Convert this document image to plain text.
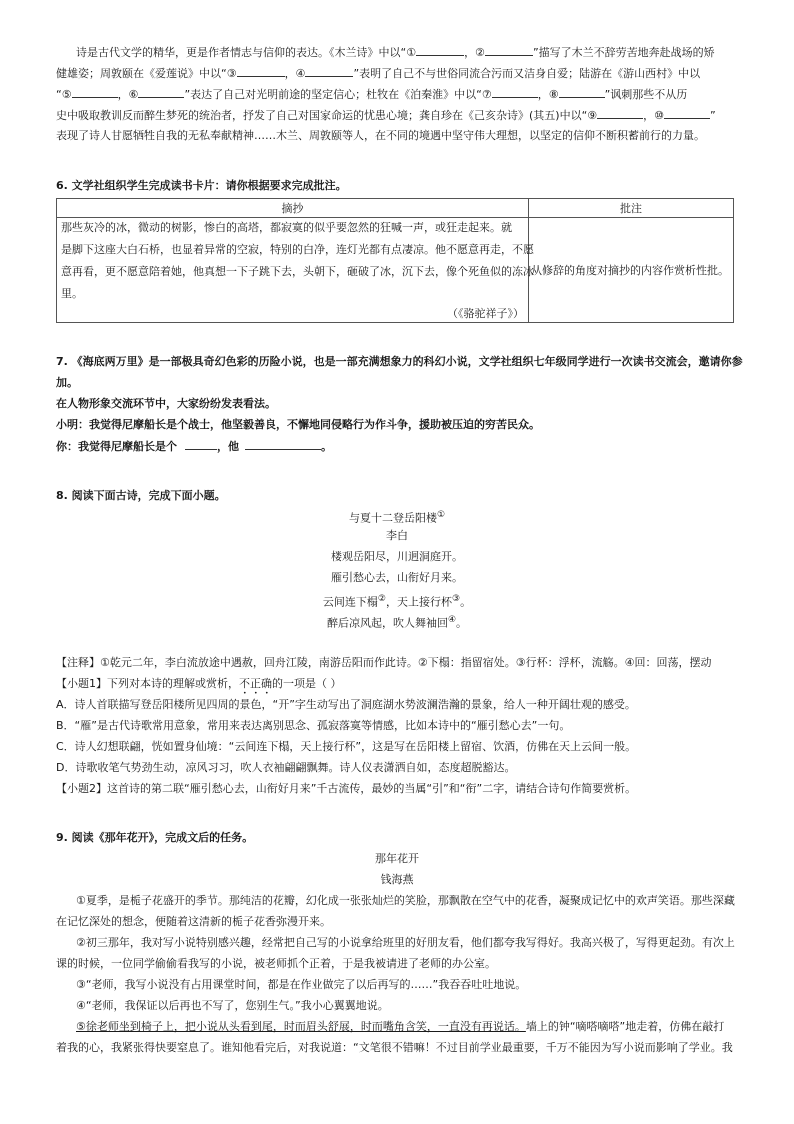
诗是古代文学的精华，更是作者情志与信仰的表达。《木兰诗》中以“①	，②	”描写了木兰不辞劳苦地奔赴战场的矫
健雄姿；周敦颐在《爱莲说》中以“③	，④	”表明了自己不与世俗同流合污而又洁身自爱；陆游在《游山西村》中以
“⑤	，⑥	”表达了自己对光明前途的坚定信心；杜牧在《泊秦淮》中以“⑦	，⑧	”讽刺那些不从历
史中吸取教训反而醉生梦死的统治者，抒发了自己对国家命运的忧患心境；龚自珍在《己亥杂诗》(其五)中以“⑨	，⑩	”
表现了诗人甘愿牺牲自我的无私奉献精神……木兰、周敦颐等人，在不同的境遇中坚守伟大理想，以坚定的信仰不断积蓄前行的力量。
6. 文学社组织学生完成读书卡片：请你根据要求完成批注。
摘抄	批注

那些灰冷的冰，微动的树影，惨白的高塔，都寂寞的似乎要忽然的狂喊一声，或狂走起来。就
是脚下这座大白石桥，也显着异常的空寂，特别的白净，连灯光都有点凄凉。他不愿意再走，不愿
意再看，更不愿意陪着她，他真想一下子跳下去，头朝下，砸破了冰，沉下去，像个死鱼似的冻冰
里。
（《骆驼祥子》）	从修辞的角度对摘抄的内容作赏析性批。
7. 《海底两万里》是一部极具奇幻色彩的历险小说，也是一部充满想象力的科幻小说，文学社组织七年级同学进行一次读书交流会，邀请你参
加。
在人物形象交流环节中，大家纷纷发表看法。
小明：我觉得尼摩船长是个战士，他坚毅善良，不懈地同侵略行为作斗争，援助被压迫的穷苦民众。
你：我觉得尼摩船长是个	，他	。
8. 阅读下面古诗，完成下面小题。
与夏十二登岳阳楼①
李白
楼观岳阳尽，川迥洞庭开。
雁引愁心去，山衔好月来。
云间连下榻②，天上接行杯③。
醉后凉风起，吹人舞袖回④。
【注释】①乾元二年，李白流放途中遇赦，回舟江陵，南游岳阳而作此诗。②下榻：指留宿处。③行杯：浮杯，流觞。④回：回荡，摆动
【小题1】下列对本诗的理解或赏析，不正确的一项是（ ）
A．诗人首联描写登岳阳楼所见四周的景色，“开”字生动写出了洞庭湖水势波澜浩瀚的景象，给人一种开阔壮观的感受。
B．“雁”是古代诗歌常用意象，常用来表达离别思念、孤寂落寞等情感，比如本诗中的“雁引愁心去”一句。
C．诗人幻想联翩，恍如置身仙境：“云间连下榻，天上接行杯”，这是写在岳阳楼上留宿、饮酒，仿佛在天上云间一般。
D．诗歌收笔气势劲生动，凉风习习，吹人衣袖翩翩飘舞。诗人仪表潇洒自如，态度超脱豁达。
【小题2】这首诗的第二联“雁引愁心去，山衔好月来”千古流传，最妙的当属“引”和“衔”二字，请结合诗句作简要赏析。
9. 阅读《那年花开》，完成文后的任务。
那年花开
钱海燕
①夏季，是栀子花盛开的季节。那纯洁的花瓣，幻化成一张张灿烂的笑脸，那飘散在空气中的花香，凝聚成记忆中的欢声笑语。那些深藏
在记忆深处的想念，便随着这清新的栀子花香弥漫开来。
②初三那年，我对写小说特别感兴趣，经常把自己写的小说拿给班里的好朋友看，他们都夸我写得好。我高兴极了，写得更起劲。有次上
课的时候，一位同学偷偷看我写的小说，被老师抓个正着，于是我被请进了老师的办公室。
③“老师，我写小说没有占用课堂时间，都是在作业做完了以后再写的……”我吞吞吐吐地说。
④“老师，我保证以后再也不写了，您别生气。”我小心翼翼地说。
⑤徐老师坐到椅子上，把小说从头看到尾，时而眉头舒展，时而嘴角含笑，一直没有再说话。墙上的钟“嘀嗒嘀嗒”地走着，仿佛在敲打
着我的心，我紧张得快要窒息了。谁知他看完后，对我说道：“文笔很不错嘛！不过目前学业最重要，千万不能因为写小说而影响了学业。我
